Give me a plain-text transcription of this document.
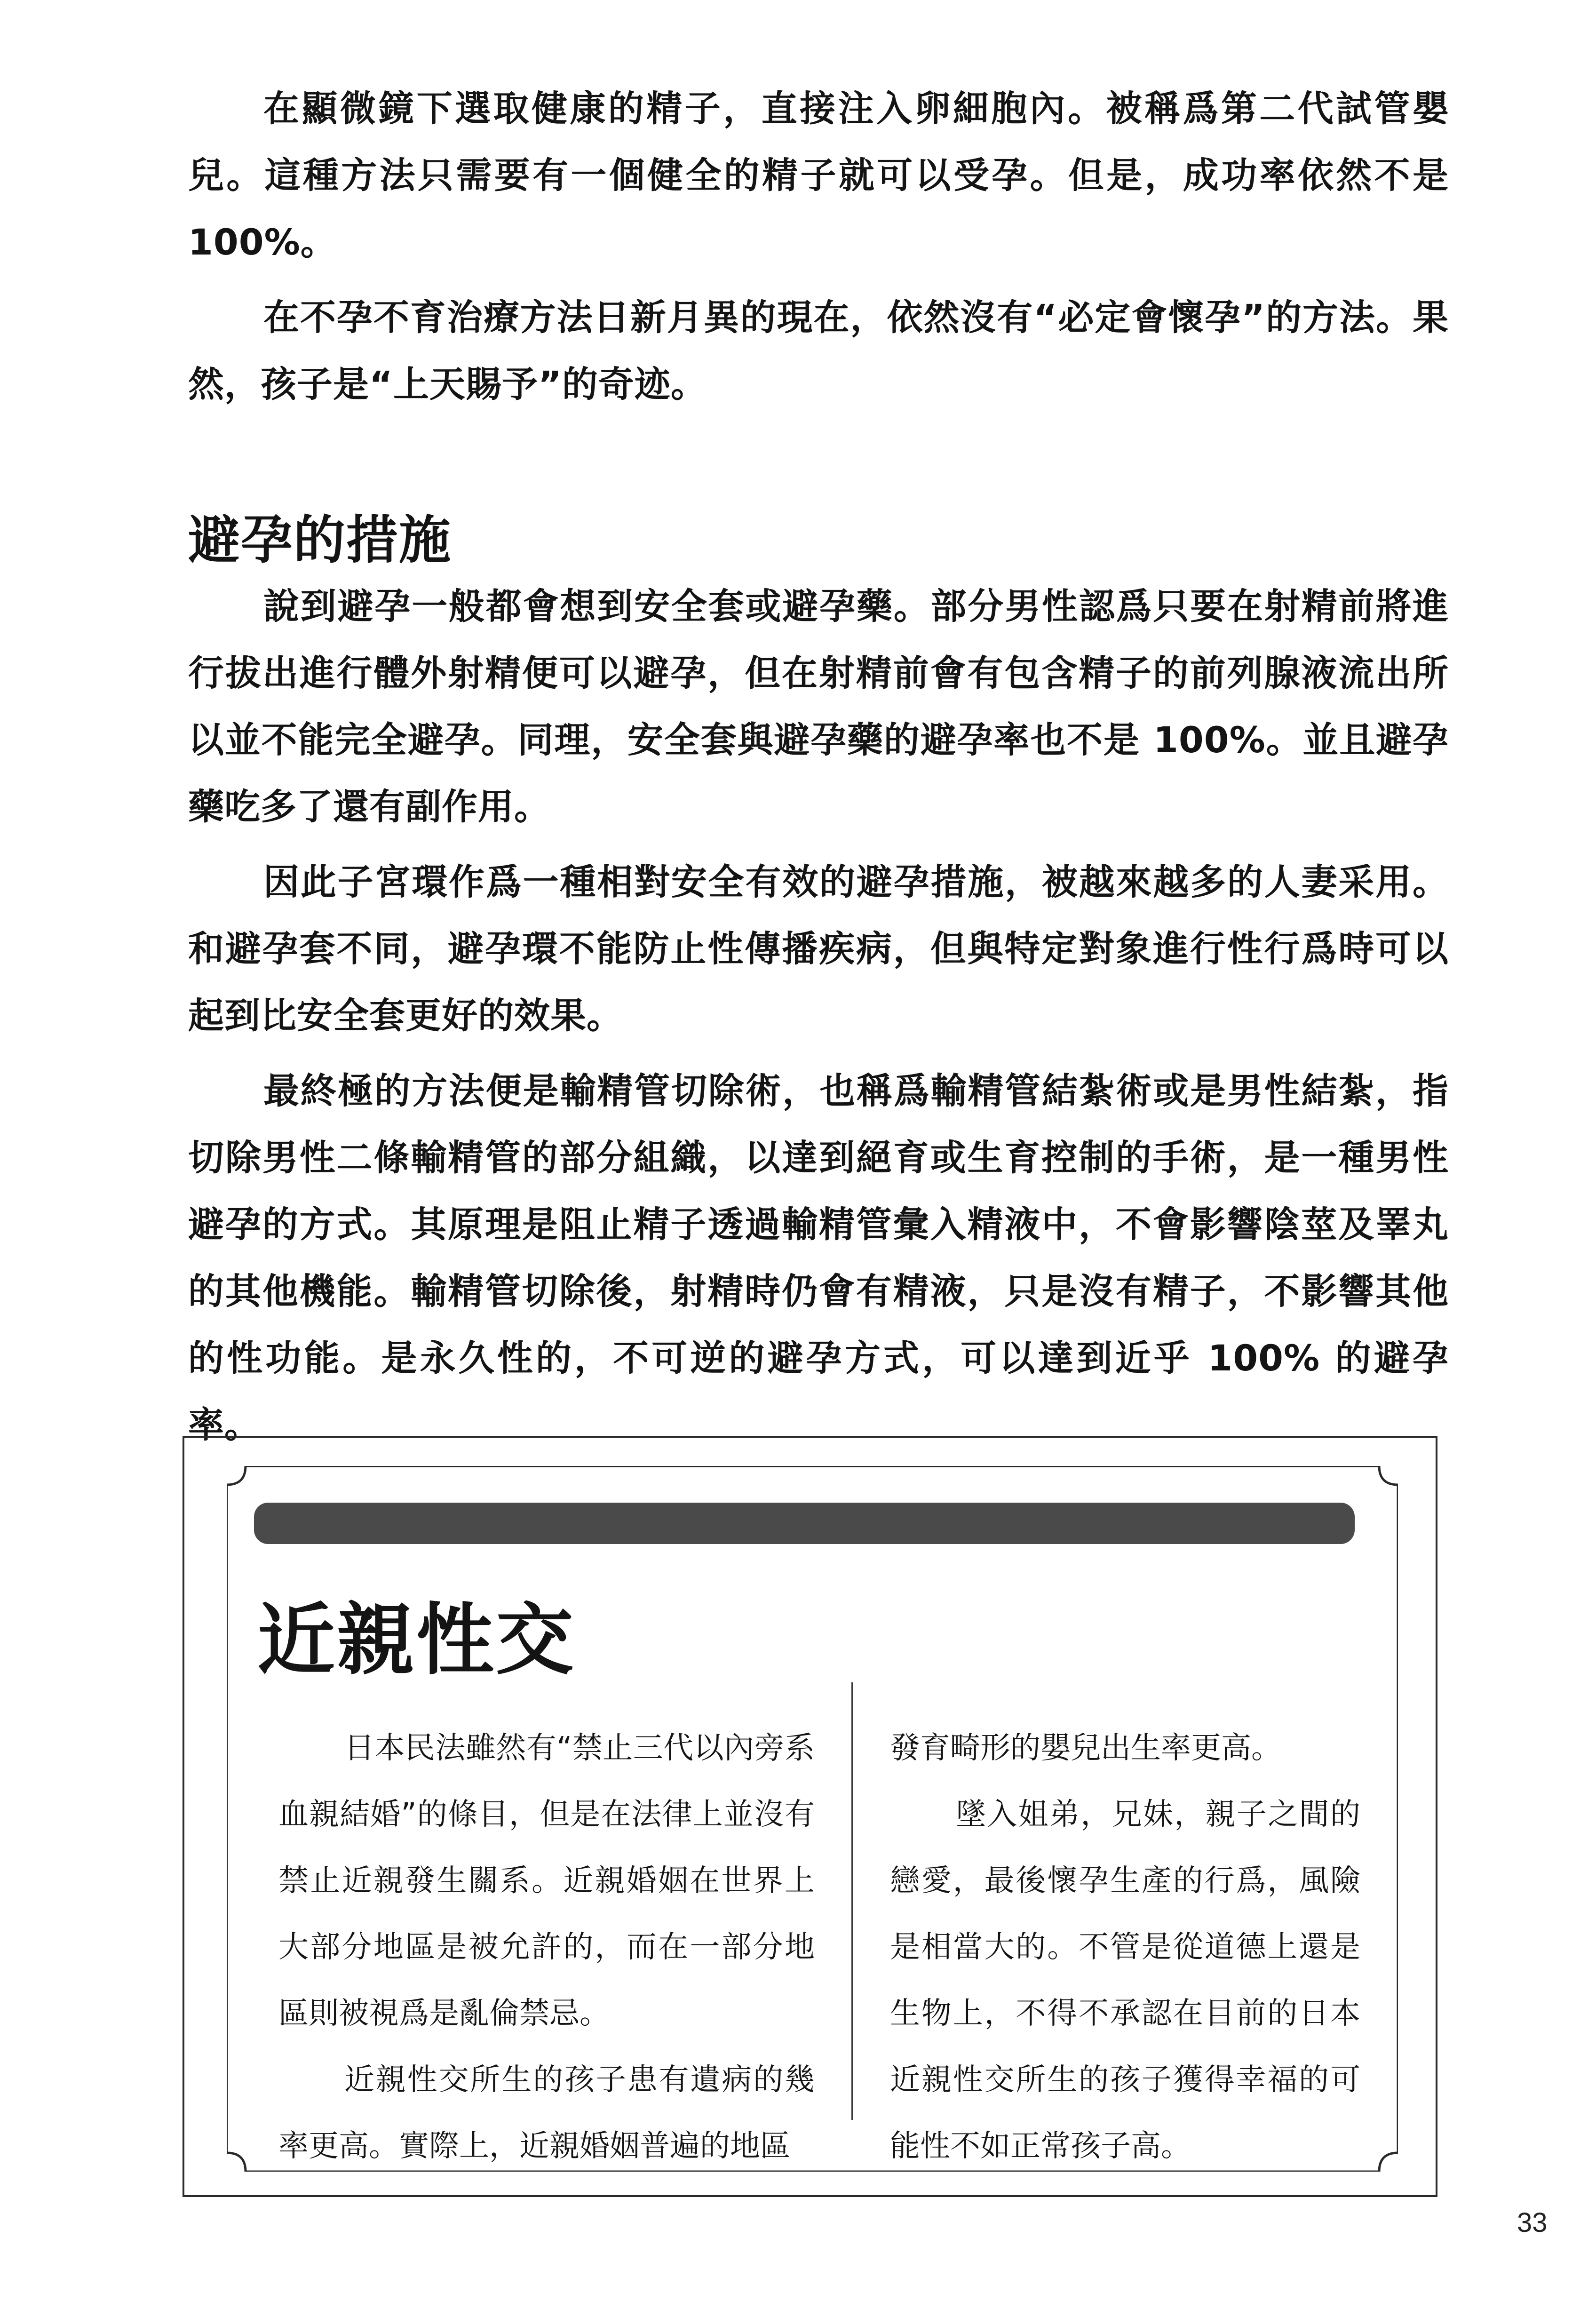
在顯微鏡下選取健康的精子，直接注入卵細胞內。被稱爲第二代試管嬰兒。這種方法只需要有一個健全的精子就可以受孕。但是，成功率依然不是 100%。

在不孕不育治療方法日新月異的現在，依然沒有“必定會懷孕”的方法。果然，孩子是“上天賜予”的奇迹。

避孕的措施

說到避孕一般都會想到安全套或避孕藥。部分男性認爲只要在射精前將進行拔出進行體外射精便可以避孕，但在射精前會有包含精子的前列腺液流出所以並不能完全避孕。同理，安全套與避孕藥的避孕率也不是 100%。並且避孕藥吃多了還有副作用。

因此子宮環作爲一種相對安全有效的避孕措施，被越來越多的人妻采用。和避孕套不同，避孕環不能防止性傳播疾病，但與特定對象進行性行爲時可以起到比安全套更好的效果。

最終極的方法便是輸精管切除術，也稱爲輸精管結紮術或是男性結紮，指切除男性二條輸精管的部分組織，以達到絕育或生育控制的手術，是一種男性避孕的方式。其原理是阻止精子透過輸精管彙入精液中，不會影響陰莖及睪丸的其他機能。輸精管切除後，射精時仍會有精液，只是沒有精子，不影響其他的性功能。是永久性的，不可逆的避孕方式，可以達到近乎 100% 的避孕率。

近親性交

日本民法雖然有“禁止三代以內旁系血親結婚”的條目，但是在法律上並沒有禁止近親發生關系。近親婚姻在世界上大部分地區是被允許的，而在一部分地區則被視爲是亂倫禁忌。

近親性交所生的孩子患有遺病的幾率更高。實際上，近親婚姻普遍的地區

發育畸形的嬰兒出生率更高。

墜入姐弟，兄妹，親子之間的戀愛，最後懷孕生產的行爲，風險是相當大的。不管是從道德上還是生物上，不得不承認在目前的日本近親性交所生的孩子獲得幸福的可能性不如正常孩子高。

33
